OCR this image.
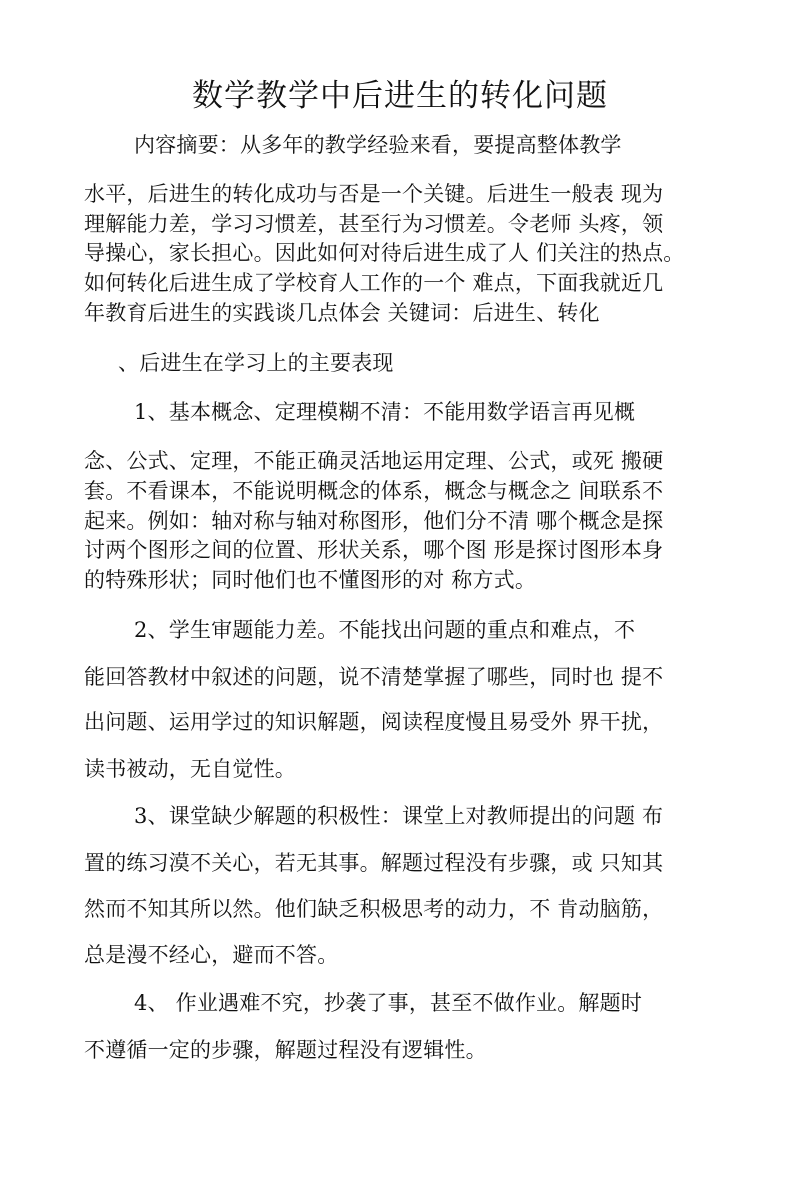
数学教学中后进生的转化问题
内容摘要：从多年的教学经验来看，要提高整体教学
水平，后进生的转化成功与否是一个关键。后进生一般表 现为
理解能力差，学习习惯差，甚至行为习惯差。令老师 头疼，领
导操心，家长担心。因此如何对待后进生成了人 们关注的热点。
如何转化后进生成了学校育人工作的一个 难点，下面我就近几
年教育后进生的实践谈几点体会 关键词：后进生、转化
、后进生在学习上的主要表现
1、基本概念、定理模糊不清：不能用数学语言再见概
念、公式、定理，不能正确灵活地运用定理、公式，或死 搬硬
套。不看课本，不能说明概念的体系，概念与概念之 间联系不
起来。例如：轴对称与轴对称图形，他们分不清 哪个概念是探
讨两个图形之间的位置、形状关系，哪个图 形是探讨图形本身
的特殊形状；同时他们也不懂图形的对 称方式。
2、学生审题能力差。不能找出问题的重点和难点，不
能回答教材中叙述的问题，说不清楚掌握了哪些，同时也 提不
出问题、运用学过的知识解题，阅读程度慢且易受外 界干扰，
读书被动，无自觉性。
3、课堂缺少解题的积极性：课堂上对教师提出的问题 布
置的练习漠不关心，若无其事。解题过程没有步骤，或 只知其
然而不知其所以然。他们缺乏积极思考的动力，不 肯动脑筋，
总是漫不经心，避而不答。
4、 作业遇难不究，抄袭了事，甚至不做作业。解题时
不遵循一定的步骤，解题过程没有逻辑性。
